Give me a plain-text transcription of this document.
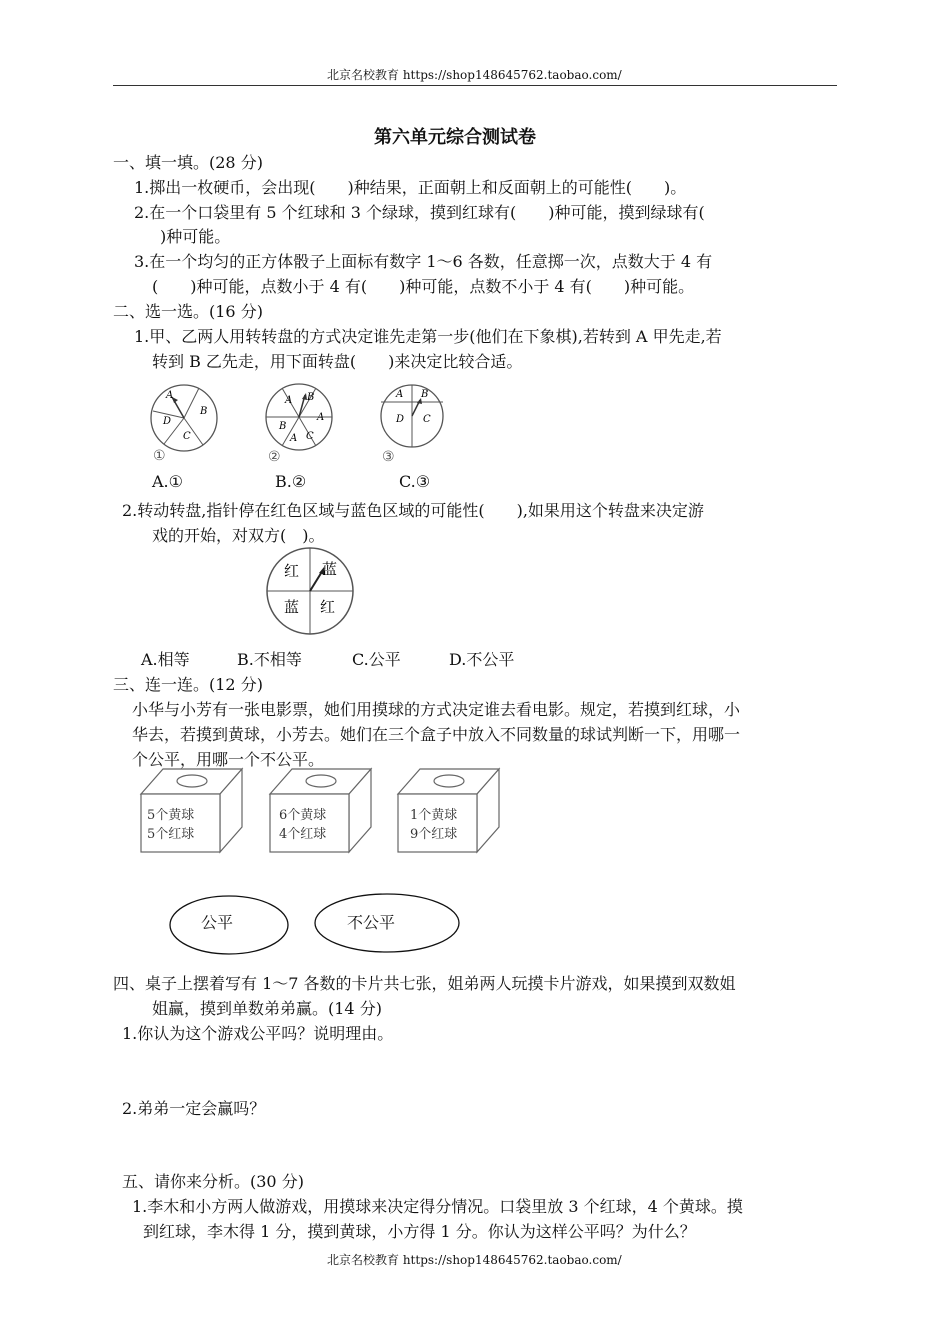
北京名校教育 https://shop148645762.taobao.com/
第六单元综合测试卷
一、填一填。(28 分)
1.掷出一枚硬币，会出现(　　)种结果，正面朝上和反面朝上的可能性(　　)。
2.在一个口袋里有 5 个红球和 3 个绿球，摸到红球有(　　)种可能，摸到绿球有(
)种可能。
3.在一个均匀的正方体骰子上面标有数字 1～6 各数，任意掷一次，点数大于 4 有
(　　)种可能，点数小于 4 有(　　)种可能，点数不小于 4 有(　　)种可能。
二、选一选。(16 分)
1.甲、乙两人用转转盘的方式决定谁先走第一步(他们在下象棋),若转到 A 甲先走,若
转到 B 乙先走，用下面转盘(　　)来决定比较合适。
A
B
C
D
①
A B
A
B
C
A
②
A B
D C
③
A.①	B.②	C.③
2.转动转盘,指针停在红色区域与蓝色区域的可能性(　　),如果用这个转盘来决定游
戏的开始，对双方(　)。
红 蓝
蓝 红
A.相等	B.不相等	C.公平	D.不公平
三、连一连。(12 分)
小华与小芳有一张电影票，她们用摸球的方式决定谁去看电影。规定，若摸到红球，小
华去，若摸到黄球，小芳去。她们在三个盒子中放入不同数量的球试判断一下，用哪一
个公平，用哪一个不公平。
5个黄球
5个红球
6个黄球
4个红球
1个黄球
9个红球
公平	不公平
四、桌子上摆着写有 1～7 各数的卡片共七张，姐弟两人玩摸卡片游戏，如果摸到双数姐
姐赢，摸到单数弟弟赢。(14 分)
1.你认为这个游戏公平吗？说明理由。
2.弟弟一定会赢吗？
五、请你来分析。(30 分)
1.李木和小方两人做游戏，用摸球来决定得分情况。口袋里放 3 个红球，4 个黄球。摸
到红球，李木得 1 分，摸到黄球，小方得 1 分。你认为这样公平吗？为什么？
北京名校教育 https://shop148645762.taobao.com/
